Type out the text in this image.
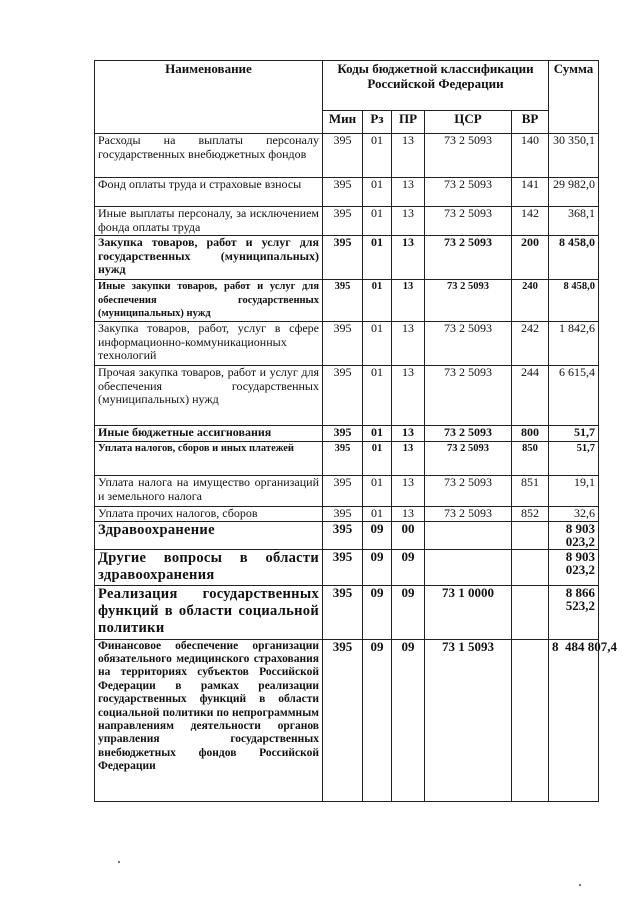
Наименование	Коды бюджетной классификации Российской Федерации					Сумма
	Мин	Рз	ПР	ЦСР	ВР	
Расходы на выплаты персоналу государственных внебюджетных фондов	395	01	13	73 2 5093	140	30 350,1
Фонд оплаты труда и страховые взносы	395	01	13	73 2 5093	141	29 982,0
Иные выплаты персоналу, за исключением фонда оплаты труда	395	01	13	73 2 5093	142	368,1
Закупка товаров, работ и услуг для государственных (муниципальных) нужд	395	01	13	73 2 5093	200	8 458,0
Иные закупки товаров, работ и услуг для обеспечения государственных (муниципальных) нужд	395	01	13	73 2 5093	240	8 458,0
Закупка товаров, работ, услуг в сфере информационно-коммуникационных технологий	395	01	13	73 2 5093	242	1 842,6
Прочая закупка товаров, работ и услуг для обеспечения государственных (муниципальных) нужд	395	01	13	73 2 5093	244	6 615,4
Иные бюджетные ассигнования	395	01	13	73 2 5093	800	51,7
Уплата налогов, сборов и иных платежей	395	01	13	73 2 5093	850	51,7
Уплата налога на имущество организаций и земельного налога	395	01	13	73 2 5093	851	19,1
Уплата прочих налогов, сборов	395	01	13	73 2 5093	852	32,6
Здравоохранение	395	09	00			8 903 023,2
Другие вопросы в области здравоохранения	395	09	09			8 903 023,2
Реализация государственных функций в области социальной политики	395	09	09	73 1 0000		8 866 523,2
Финансовое обеспечение организации обязательного медицинского страхования на территориях субъектов Российской Федерации в рамках реализации государственных функций в области социальной политики по непрограммным направлениям деятельности органов управления государственных внебюджетных фондов Российской Федерации	395	09	09	73 1 5093		8  484 807,4
